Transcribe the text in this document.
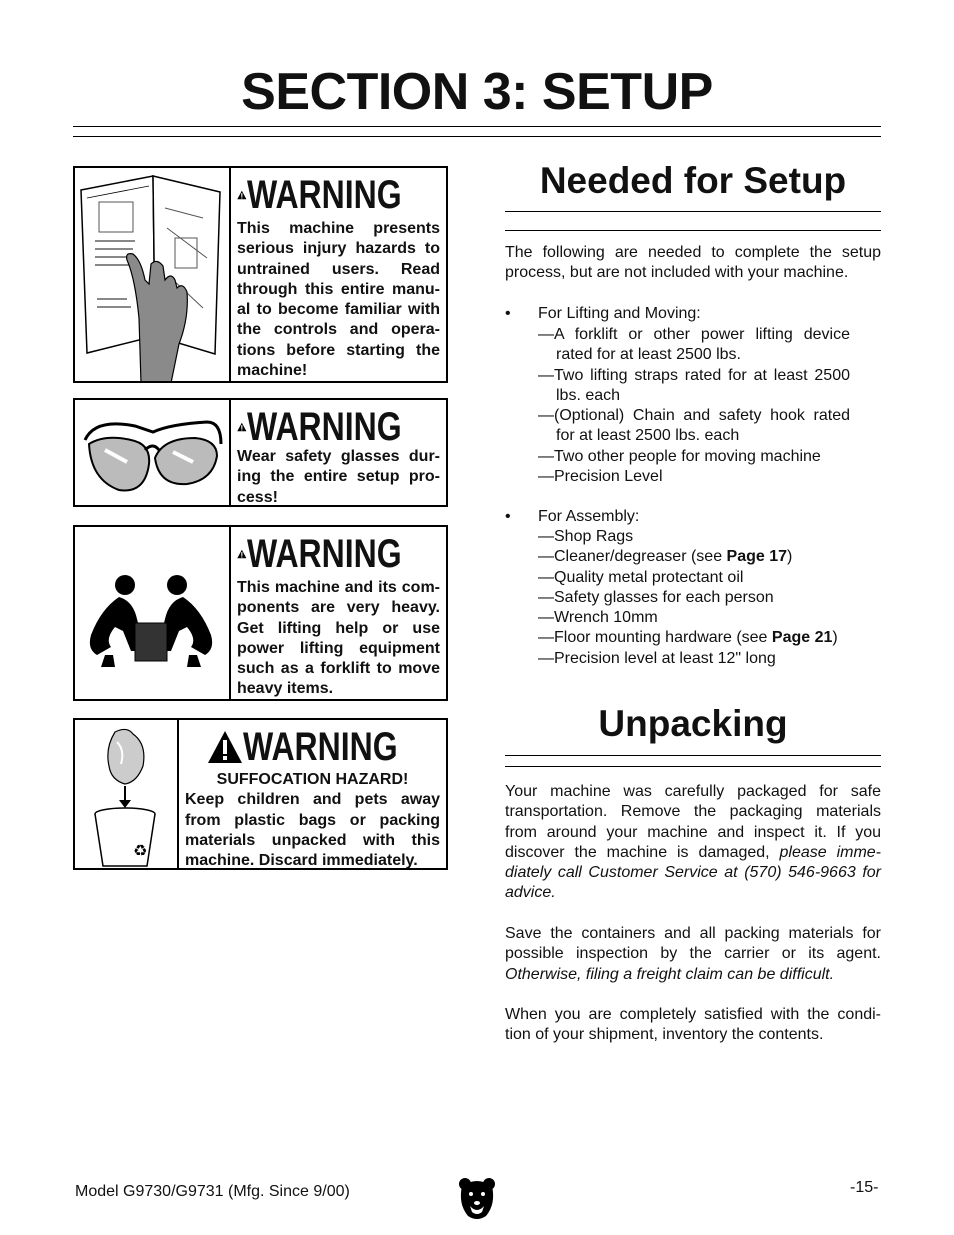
SECTION 3: SETUP
WARNING

This machine presents serious injury hazards to untrained users. Read through this entire manu-al to become familiar with the controls and opera-tions before starting the machine!

WARNING

Wear safety glasses dur-ing the entire setup pro-cess!

WARNING

This machine and its com-ponents are very heavy. Get lifting help or use power lifting equipment such as a forklift to move heavy items.

♻
WARNING

SUFFOCATION HAZARD!

Keep children and pets away from plastic bags or packing materials unpacked with this machine. Discard immediately.

Needed for Setup

The following are needed to complete the setup process, but are not included with your machine.

• For Lifting and Moving:
—A forklift or other power lifting device rated for at least 2500 lbs.
—Two lifting straps rated for at least 2500 lbs. each
—(Optional) Chain and safety hook rated for at least 2500 lbs. each
—Two other people for moving machine
—Precision Level
• For Assembly:
—Shop Rags
—Cleaner/degreaser (see Page 17)
—Quality metal protectant oil
—Safety glasses for each person
—Wrench 10mm
—Floor mounting hardware (see Page 21)
—Precision level at least 12" long
Unpacking

Your machine was carefully packaged for safe transportation. Remove the packaging materials from around your machine and inspect it. If you discover the machine is damaged, please imme-diately call Customer Service at (570) 546-9663 for advice.

Save the containers and all packing materials for possible inspection by the carrier or its agent. Otherwise, filing a freight claim can be difficult.

When you are completely satisfied with the condi-tion of your shipment, inventory the contents.

Model G9730/G9731 (Mfg. Since 9/00)	-15-
